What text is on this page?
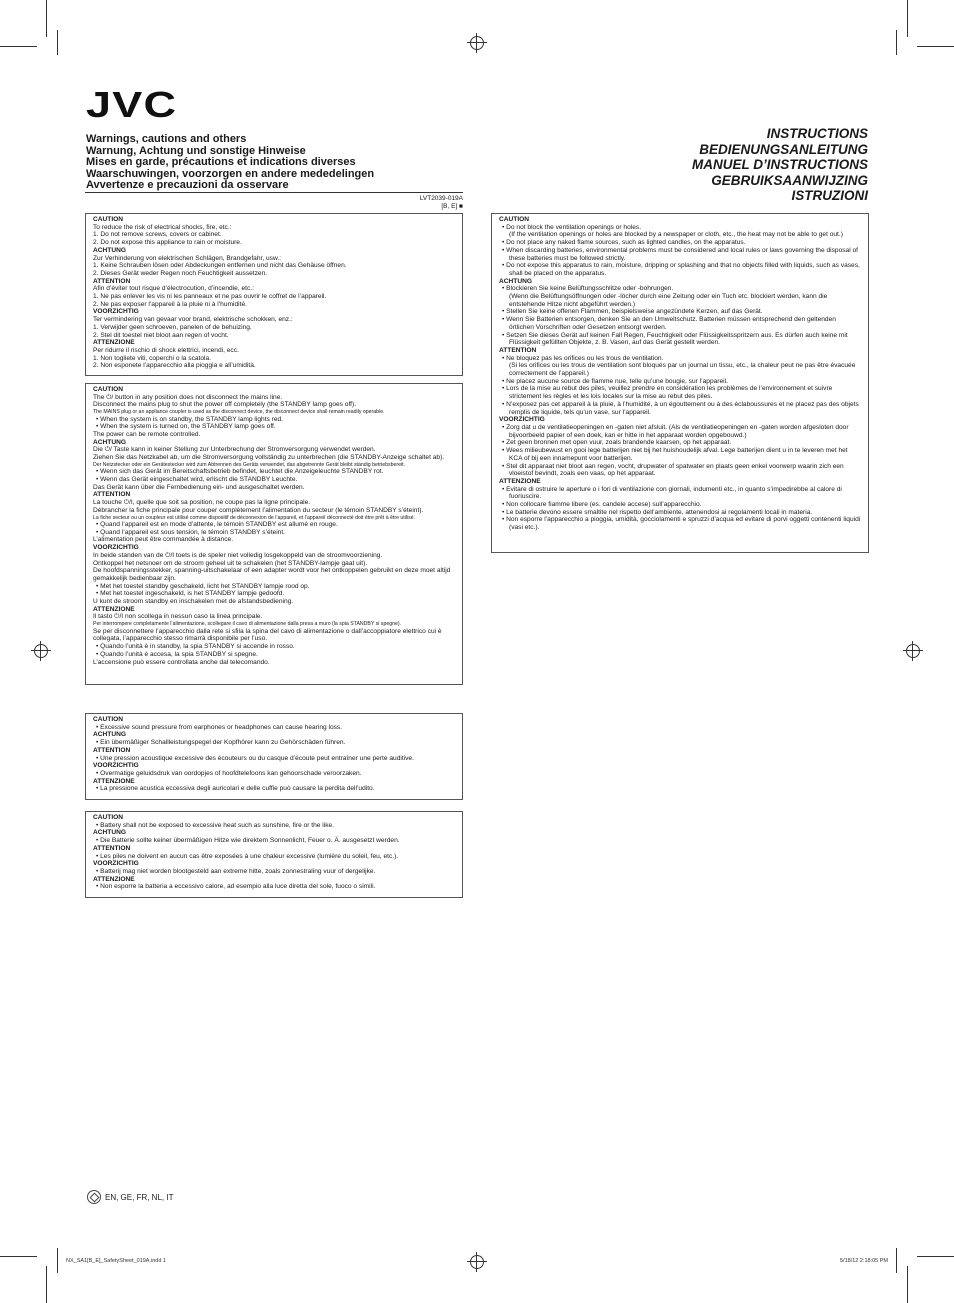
JVC
Warnings, cautions and others
Warnung, Achtung und sonstige Hinweise
Mises en garde, précautions et indications diverses
Waarschuwingen, voorzorgen en andere mededelingen
Avvertenze e precauzioni da osservare
INSTRUCTIONS
BEDIENUNGSANLEITUNG
MANUEL D’INSTRUCTIONS
GEBRUIKSAANWIJZING
ISTRUZIONI
LVT2039-019A
[B, E] ■
CAUTION
To reduce the risk of electrical shocks, fire, etc.:
1. Do not remove screws, covers or cabinet.
2. Do not expose this appliance to rain or moisture.
ACHTUNG
Zur Verhinderung von elektrischen Schlägen, Brandgefahr, usw.:
1. Keine Schrauben lösen oder Abdeckungen entfernen und nicht das Gehäuse öffnen.
2. Dieses Gerät weder Regen noch Feuchtigkeit aussetzen.
ATTENTION
Afin d’éviter tout risque d’électrocution, d’incendie, etc.:
1. Ne pas enlever les vis ni les panneaux et ne pas ouvrir le coffret de l’appareil.
2. Ne pas exposer l’appareil à la pluie ni à l’humidité.
VOORZICHTIG
Ter vermindering van gevaar voor brand, elektrische schokken, enz.:
1. Verwijder geen schroeven, panelen of de behuizing.
2. Stel dit toestel niet bloot aan regen of vocht.
ATTENZIONE
Per ridurre il rischio di shock elettrici, incendi, ecc.
1. Non togliete viti, coperchi o la scatola.
2. Non esponete l’apparecchio alla pioggia e all’umidità.
CAUTION
The ⏻/ button in any position does not disconnect the mains line.
Disconnect the mains plug to shut the power off completely (the STANDBY lamp goes off).
The MAINS plug or an appliance coupler is used as the disconnect device, the disconnect device shall remain readily operable.
• When the system is on standby, the STANDBY lamp lights red.
• When the system is turned on, the STANDBY lamp goes off.
The power can be remote controlled.
ACHTUNG
Die ⏻/ Taste kann in keiner Stellung zur Unterbrechung der Stromversorgung verwendet werden.
Ziehen Sie das Netzkabel ab, um die Stromversorgung vollständig zu unterbrechen (die STANDBY-Anzeige schaltet ab).
Der Netzstecker oder ein Gerätestecker wird zum Abtrennen des Geräts verwendet, das abgetrennte Gerät bleibt ständig betriebsbereit.
• Wenn sich das Gerät im Bereitschaftsbetrieb befindet, leuchtet die Anzeigeleuchte STANDBY rot.
• Wenn das Gerät eingeschaltet wird, erlischt die STANDBY Leuchte.
Das Gerät kann über die Fernbedienung ein- und ausgeschaltet werden.
ATTENTION
La touche ⏻/I, quelle que soit sa position, ne coupe pas la ligne principale.
Débrancher la fiche principale pour couper complètement l’alimentation du secteur (le témoin STANDBY s’éteint).
La fiche secteur ou un coupleur est utilisé comme dispositif de déconnexion de l’appareil, et l’appareil déconnecté doit être prêt à être utilisé.
• Quand l’appareil est en mode d’attente, le témoin STANDBY est allumé en rouge.
• Quand l’appareil est sous tension, le témoin STANDBY s’éteint.
L’alimentation peut être commandée à distance.
VOORZICHTIG
In beide standen van de ⏻/I toets is de speler niet volledig losgekoppeld van de stroomvoorziening.
Ontkoppel het netsnoer om de stroom geheel uit te schakelen (het STANDBY-lampje gaat uit).
De hoofdspanningsstekker, spanning-uitschakelaar of een adapter wordt voor het ontkoppelen gebruikt en deze moet altijd gemakkelijk bedienbaar zijn.
• Met het toestel standby geschakeld, licht het STANDBY lampje rood op.
• Met het toestel ingeschakeld, is het STANDBY lampje gedoofd.
U kunt de stroom standby en inschakelen met de afstandsbediening.
ATTENZIONE
Il tasto ⏻/I non scollega in nessun caso la linea principale.
Per interrompere completamente l’alimentazione, scollegare il cavo di alimentazione dalla presa a muro (la spia STANDBY si spegne).
Se per disconnettere l’apparecchio dalla rete si sfila la spina del cavo di alimentazione o dall’accoppiatore elettrico cui è collegata, l’apparecchio stesso rimarrà disponibile per l’uso.
• Quando l’unità è in standby, la spia STANDBY si accende in rosso.
• Quando l’unità è accesa, la spia STANDBY si spegne.
L’accensione può essere controllata anche dal telecomando.
CAUTION
• Excessive sound pressure from earphones or headphones can cause hearing loss.
ACHTUNG
• Ein übermäßiger Schallleistungspegel der Kopfhörer kann zu Gehörschäden führen.
ATTENTION
• Une pression acoustique excessive des écouteurs ou du casque d’écoute peut entraîner une perte auditive.
VOORZICHTIG
• Overmatige geluidsdruk van oordopjes of hoofdtelefoons kan gehoorschade veroorzaken.
ATTENZIONE
• La pressione acustica eccessiva degli auricolari e delle cuffie può causare la perdita dell’udito.
CAUTION
• Battery shall not be exposed to excessive heat such as sunshine, fire or the like.
ACHTUNG
• Die Batterie sollte keiner übermäßigen Hitze wie direktem Sonnenlicht, Feuer o. Ä. ausgesetzt werden.
ATTENTION
• Les piles ne doivent en aucun cas être exposées à une chaleur excessive (lumière du soleil, feu, etc.).
VOORZICHTIG
• Batterij mag niet worden blootgesteld aan extreme hitte, zoals zonnestraling vuur of dergelijke.
ATTENZIONE
• Non esporre la batteria a eccessivo calore, ad esempio alla luce diretta del sole, fuoco o simili.
CAUTION
• Do not block the ventilation openings or holes.
(If the ventilation openings or holes are blocked by a newspaper or cloth, etc., the heat may not be able to get out.)
• Do not place any naked flame sources, such as lighted candles, on the apparatus.
• When discarding batteries, environmental problems must be considered and local rules or laws governing the disposal of these batteries must be followed strictly.
• Do not expose this apparatus to rain, moisture, dripping or splashing and that no objects filled with liquids, such as vases, shall be placed on the apparatus.
ACHTUNG
• Blockieren Sie keine Belüftungsschlitze oder -bohrungen.
(Wenn die Belüftungsöffnungen oder -löcher durch eine Zeitung oder ein Tuch etc. blockiert werden, kann die entstehende Hitze nicht abgeführt werden.)
• Stellen Sie keine offenen Flammen, beispielsweise angezündete Kerzen, auf das Gerät.
• Wenn Sie Batterien entsorgen, denken Sie an den Umweltschutz. Batterien müssen entsprechend den geltenden örtlichen Vorschriften oder Gesetzen entsorgt werden.
• Setzen Sie dieses Gerät auf keinen Fall Regen, Feuchtigkeit oder Flüssigkeitsspritzern aus. Es dürfen auch keine mit Flüssigkeit gefüllten Objekte, z. B. Vasen, auf das Gerät gestellt werden.
ATTENTION
• Ne bloquez pas les orifices ou les trous de ventilation.
(Si les orifices ou les trous de ventilation sont bloqués par un journal un tissu, etc., la chaleur peut ne pas être évacuée correctement de l’appareil.)
• Ne placez aucune source de flamme nue, telle qu’une bougie, sur l’appareil.
• Lors de la mise au rebut des piles, veuillez prendre en considération les problèmes de l’environnement et suivre strictement les règles et les lois locales sur la mise au rebut des piles.
• N’exposez pas cet appareil à la pluie, à l’humidité, à un égouttement ou à des éclaboussures et ne placez pas des objets remplis de liquide, tels qu’un vase, sur l’appareil.
VOORZICHTIG
• Zorg dat u de ventilatieopeningen en -gaten niet afsluit. (Als de ventilatieopeningen en -gaten worden afgesloten door bijvoorbeeld papier of een doek, kan er hitte in het apparaat worden opgebouwd.)
• Zet geen bronnen met open vuur, zoals brandende kaarsen, op het apparaat.
• Wees milieubewust en gooi lege batterijen niet bij het huishoudelijk afval. Lege batterijen dient u in te leveren met het KCA of bij een innamepunt voor batterijen.
• Stel dit apparaat niet bloot aan regen, vocht, drupwater of spatwater en plaats geen enkel voorwerp waarin zich een vloeistof bevindt, zoals een vaas, op het apparaat.
ATTENZIONE
• Evitare di ostruire le aperture o i fori di ventilazione con giornali, indumenti etc., in quanto s’impedirebbe al calore di fuoriuscire.
• Non collocare fiamme libere (es. candele accese) sull’apparecchio.
• Le batterie devono essere smaltite nel rispetto dell’ambiente, attenendosi ai regolamenti locali in materia.
• Non esporre l’apparecchio a pioggia, umidità, gocciolamenti e spruzzi d’acqua ed evitare di porvi oggetti contenenti liquidi (vasi etc.).
EN, GE, FR, NL, IT
NX_SA1[B_E]_SafetySheet_019A.indd 1	5/18/12 2:18:05 PM
